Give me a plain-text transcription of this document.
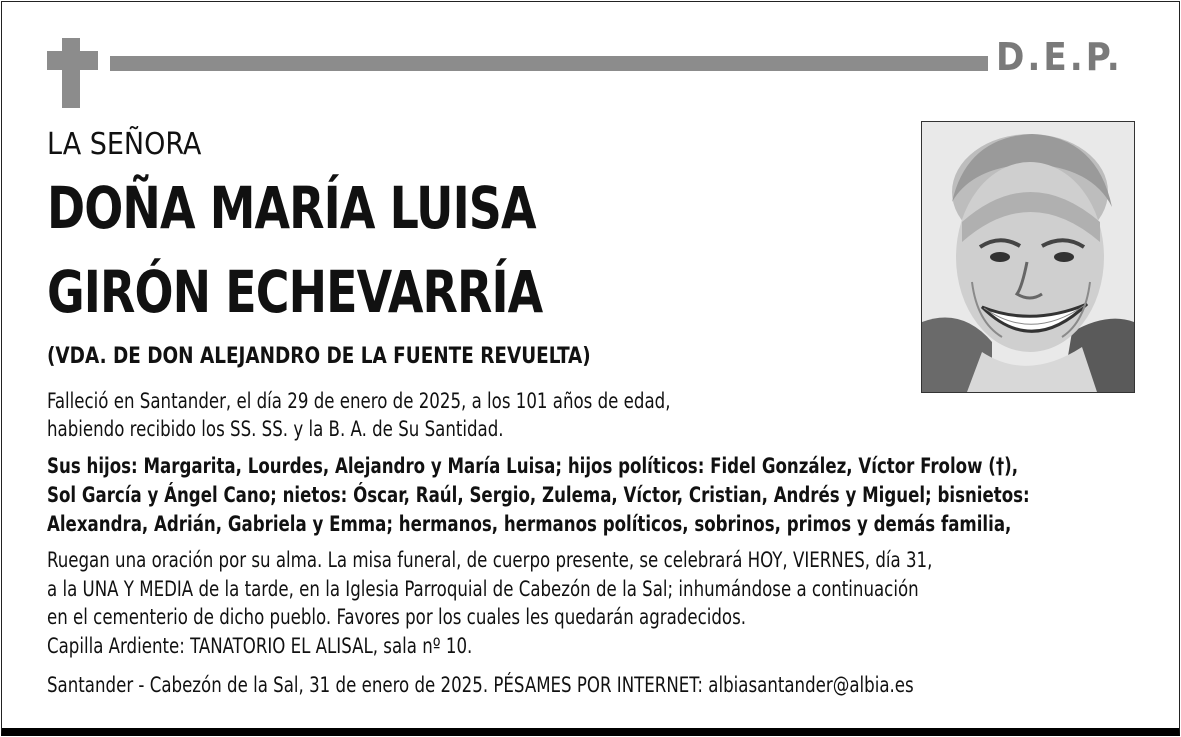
D.E.P.
LA SEÑORA
DOÑA MARÍA LUISA
GIRÓN ECHEVARRÍA
(VDA. DE DON ALEJANDRO DE LA FUENTE REVUELTA)
Falleció en Santander, el día 29 de enero de 2025, a los 101 años de edad,
habiendo recibido los SS. SS. y la B. A. de Su Santidad.
Sus hijos: Margarita, Lourdes, Alejandro y María Luisa; hijos políticos: Fidel González, Víctor Frolow (†),
Sol García y Ángel Cano; nietos: Óscar, Raúl, Sergio, Zulema, Víctor, Cristian, Andrés y Miguel; bisnietos:
Alexandra, Adrián, Gabriela y Emma; hermanos, hermanos políticos, sobrinos, primos y demás familia,
Ruegan una oración por su alma. La misa funeral, de cuerpo presente, se celebrará HOY, VIERNES, día 31,
a la UNA Y MEDIA de la tarde, en la Iglesia Parroquial de Cabezón de la Sal; inhumándose a continuación
en el cementerio de dicho pueblo. Favores por los cuales les quedarán agradecidos.
Capilla Ardiente: TANATORIO EL ALISAL, sala nº 10.
Santander - Cabezón de la Sal, 31 de enero de 2025. PÉSAMES POR INTERNET: albiasantander@albia.es
